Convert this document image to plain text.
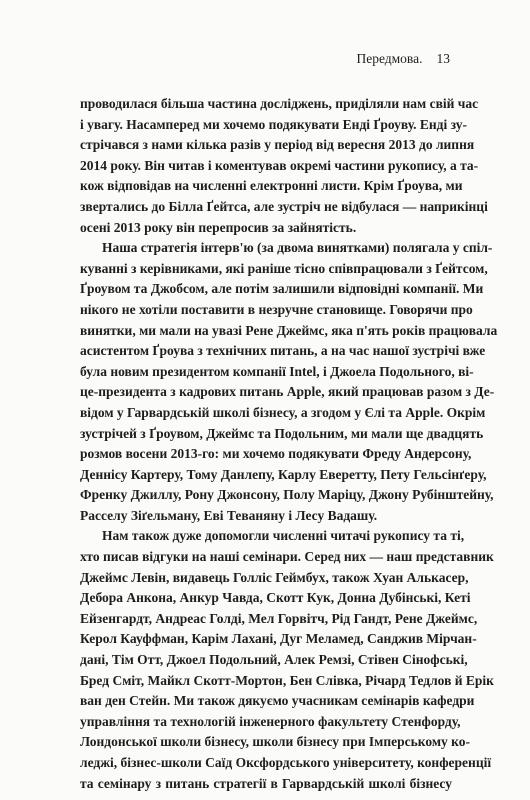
Передмова. 13
проводилася більша частина досліджень, приділяли нам свій час
і увагу. Насамперед ми хочемо подякувати Енді Ґроуву. Енді зу-
стрічався з нами кілька разів у період від вересня 2013 до липня
2014 року. Він читав і коментував окремі частини рукопису, а та-
кож відповідав на численні електронні листи. Крім Ґроува, ми
звертались до Білла Ґейтса, але зустріч не відбулася — наприкінці
осені 2013 року він перепросив за зайнятість.
Наша стратегія інтерв'ю (за двома винятками) полягала у спіл-
куванні з керівниками, які раніше тісно співпрацювали з Ґейтсом,
Ґроувом та Джобсом, але потім залишили відповідні компанії. Ми
нікого не хотіли поставити в незручне становище. Говорячи про
винятки, ми мали на увазі Рене Джеймс, яка п'ять років працювала
асистентом Ґроува з технічних питань, а на час нашої зустрічі вже
була новим президентом компанії Intel, і Джоела Подольного, ві-
це-президента з кадрових питань Apple, який працював разом з Де-
відом у Гарвардській школі бізнесу, а згодом у Єлі та Apple. Окрім
зустрічей з Ґроувом, Джеймс та Подольним, ми мали ще двадцять
розмов восени 2013-го: ми хочемо подякувати Фреду Андерсону,
Деннісу Картеру, Тому Данлепу, Карлу Еверетту, Пету Гельсінґеру,
Френку Джиллу, Рону Джонсону, Полу Маріцу, Джону Рубінштейну,
Расселу Зіґельману, Еві Теваняну і Лесу Вадашу.
Нам також дуже допомогли численні читачі рукопису та ті,
хто писав відгуки на наші семінари. Серед них — наш представник
Джеймс Левін, видавець Голліс Геймбух, також Хуан Алькасер,
Дебора Анкона, Анкур Чавда, Скотт Кук, Донна Дубінські, Кеті
Ейзенгардт, Андреас Голді, Мел Горвітч, Рід Гандт, Рене Джеймс,
Керол Кауффман, Карім Лахані, Дуг Меламед, Санджив Мірчан-
дані, Тім Отт, Джоел Подольний, Алек Ремзі, Стівен Сінофські,
Бред Сміт, Майкл Скотт-Мортон, Бен Слівка, Річард Тедлов й Ерік
ван ден Стейн. Ми також дякуємо учасникам семінарів кафедри
управління та технологій інженерного факультету Стенфорду,
Лондонської школи бізнесу, школи бізнесу при Імперському ко-
леджі, бізнес-школи Саїд Оксфордського університету, конференції
та семінару з питань стратегії в Гарвардській школі бізнесу
